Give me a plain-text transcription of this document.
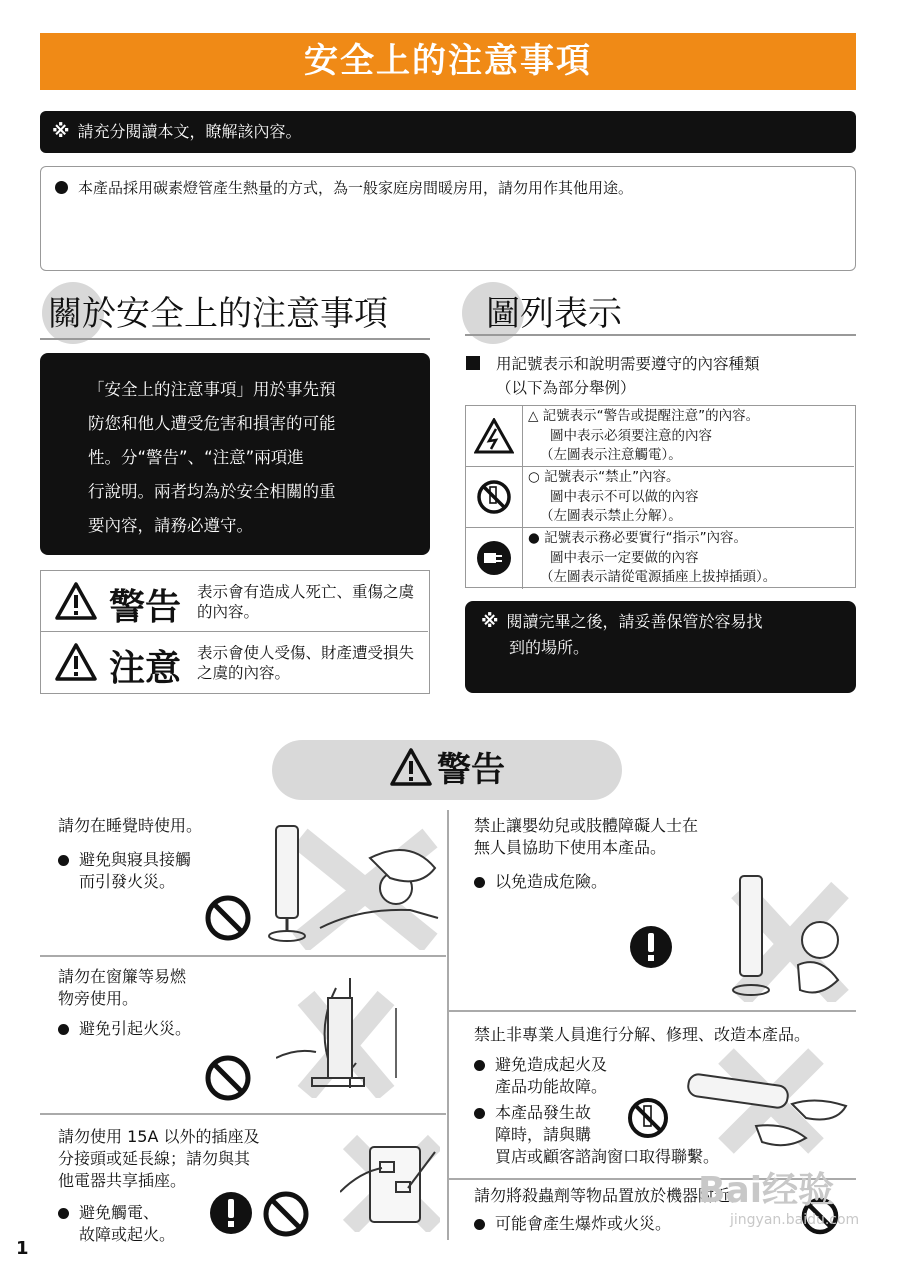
安全上的注意事項
※ 請充分閱讀本文，瞭解該內容。
本產品採用碳素燈管產生熱量的方式，為一般家庭房間暖房用，請勿用作其他用途。
關於安全上的注意事項
「安全上的注意事項」用於事先預
防您和他人遭受危害和損害的可能
性。分“警告”、“注意”兩項進
行說明。兩者均為於安全相關的重
要內容，請務必遵守。
警告 表示會有造成人死亡、重傷之虞的內容。
注意 表示會使人受傷、財產遭受損失之虞的內容。
圖列表示
用記號表示和說明需要遵守的內容種類
（以下為部分舉例）
△ 記號表示“警告或提醒注意”的內容。
圖中表示必須要注意的內容
（左圖表示注意觸電）。
○ 記號表示“禁止”內容。
圖中表示不可以做的內容
（左圖表示禁止分解）。
● 記號表示務必要實行“指示”內容。
圖中表示一定要做的內容
（左圖表示請從電源插座上拔掉插頭）。
※ 閱讀完畢之後，請妥善保管於容易找
到的場所。
警告
請勿在睡覺時使用。
避免與寢具接觸
而引發火災。
請勿在窗簾等易燃
物旁使用。
避免引起火災。
請勿使用 15A 以外的插座及
分接頭或延長線；請勿與其
他電器共享插座。
避免觸電、
故障或起火。
禁止讓嬰幼兒或肢體障礙人士在
無人員協助下使用本產品。
以免造成危險。
禁止非專業人員進行分解、修理、改造本產品。
避免造成起火及
產品功能故障。
本產品發生故
障時，請與購
買店或顧客諮詢窗口取得聯繫。
請勿將殺蟲劑等物品置放於機器附近。
可能會產生爆炸或火災。
Bai经验
jingyan.baidu.com
1
